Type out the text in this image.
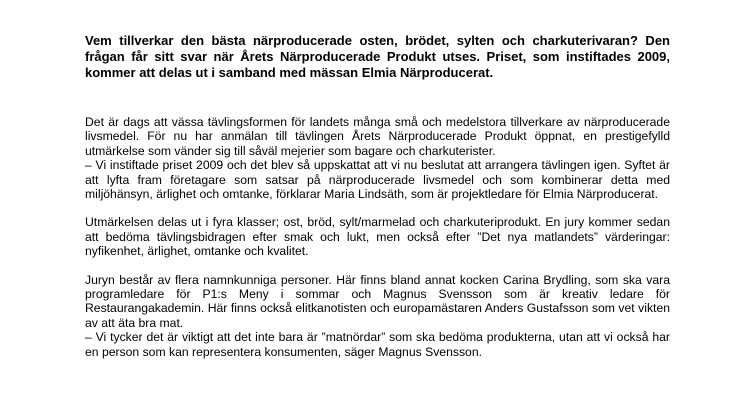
Vem tillverkar den bästa närproducerade osten, brödet, sylten och charkuterivaran? Den frågan får sitt svar när Årets Närproducerade Produkt utses. Priset, som instiftades 2009, kommer att delas ut i samband med mässan Elmia Närproducerat.

Det är dags att vässa tävlingsformen för landets många små och medelstora tillverkare av närproducerade livsmedel. För nu har anmälan till tävlingen Årets Närproducerade Produkt öppnat, en prestigefylld utmärkelse som vänder sig till såväl mejerier som bagare och charkuterister.
– Vi instiftade priset 2009 och det blev så uppskattat att vi nu beslutat att arrangera tävlingen igen. Syftet är att lyfta fram företagare som satsar på närproducerade livsmedel och som kombinerar detta med miljöhänsyn, ärlighet och omtanke, förklarar Maria Lindsäth, som är projektledare för Elmia Närproducerat.
Utmärkelsen delas ut i fyra klasser; ost, bröd, sylt/marmelad och charkuteriprodukt. En jury kommer sedan att bedöma tävlingsbidragen efter smak och lukt, men också efter ”Det nya matlandets” värderingar: nyfikenhet, ärlighet, omtanke och kvalitet.
Juryn består av flera namnkunniga personer. Här finns bland annat kocken Carina Brydling, som ska vara programledare för P1:s Meny i sommar och Magnus Svensson som är kreativ ledare för Restaurangakademin. Här finns också elitkanotisten och europamästaren Anders Gustafsson som vet vikten av att äta bra mat.
– Vi tycker det är viktigt att det inte bara är ”matnördar” som ska bedöma produkterna, utan att vi också har en person som kan representera konsumenten, säger Magnus Svensson.
